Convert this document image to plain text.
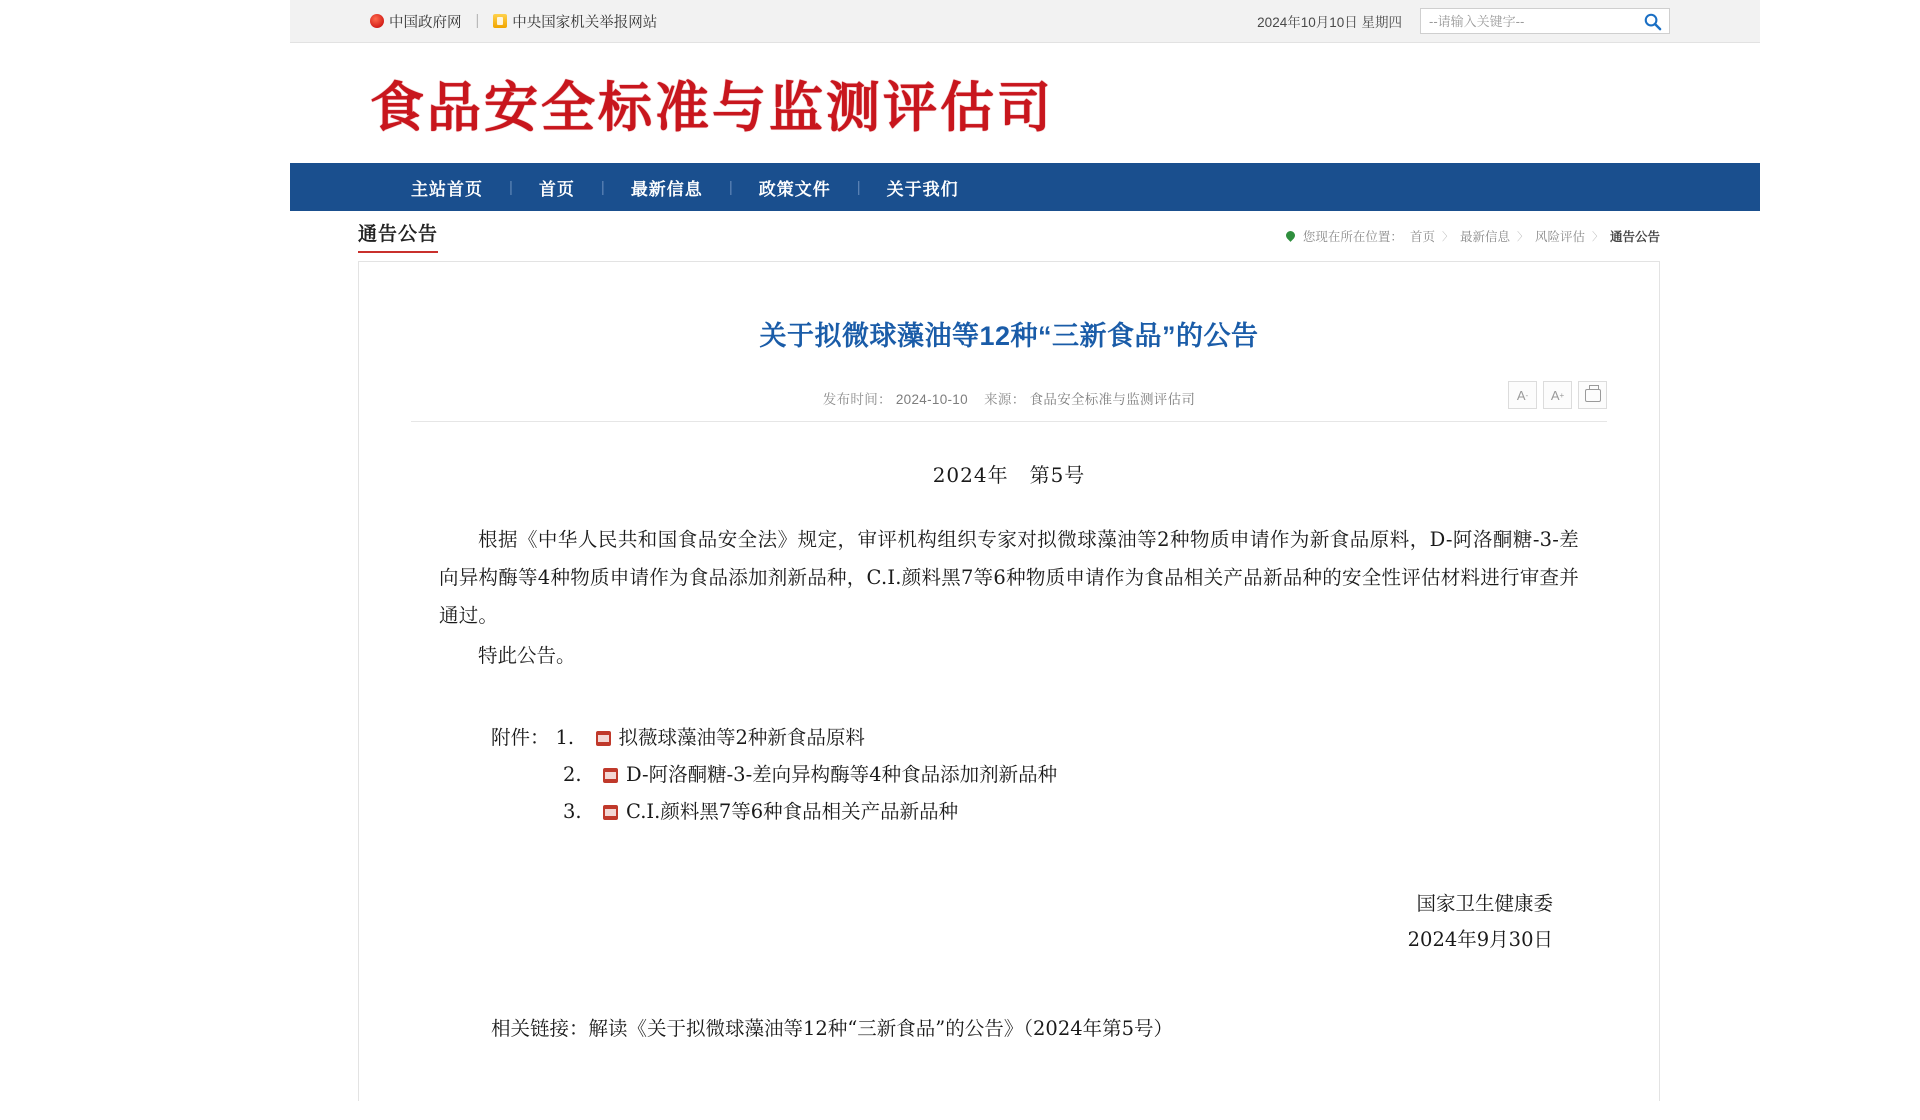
中国政府网 | 中央国家机关举报网站	2024年10月10日 星期四
--请输入关键字--
食品安全标准与监测评估司
主站首页	|	首页	|	最新信息	|	政策文件	|	关于我们
通告公告	您现在所在位置： 首页 〉 最新信息 〉 风险评估 〉 通告公告
关于拟微球藻油等12种“三新食品”的公告
发布时间： 2024-10-10 来源： 食品安全标准与监测评估司	A - A +
2024年　第5号
根据《中华人民共和国食品安全法》规定，审评机构组织专家对拟微球藻油等2种物质申请作为新食品原料，D-阿洛酮糖-3-差向异构酶等4种物质申请作为食品添加剂新品种，C.I.颜料黑7等6种物质申请作为食品相关产品新品种的安全性评估材料进行审查并通过。
特此公告。
附件： 1.	拟薇球藻油等2种新食品原料
2.	D-阿洛酮糖-3-差向异构酶等4种食品添加剂新品种
3.	C.I.颜料黑7等6种食品相关产品新品种
国家卫生健康委
2024年9月30日
相关链接：解读《关于拟微球藻油等12种“三新食品”的公告》（2024年第5号）
